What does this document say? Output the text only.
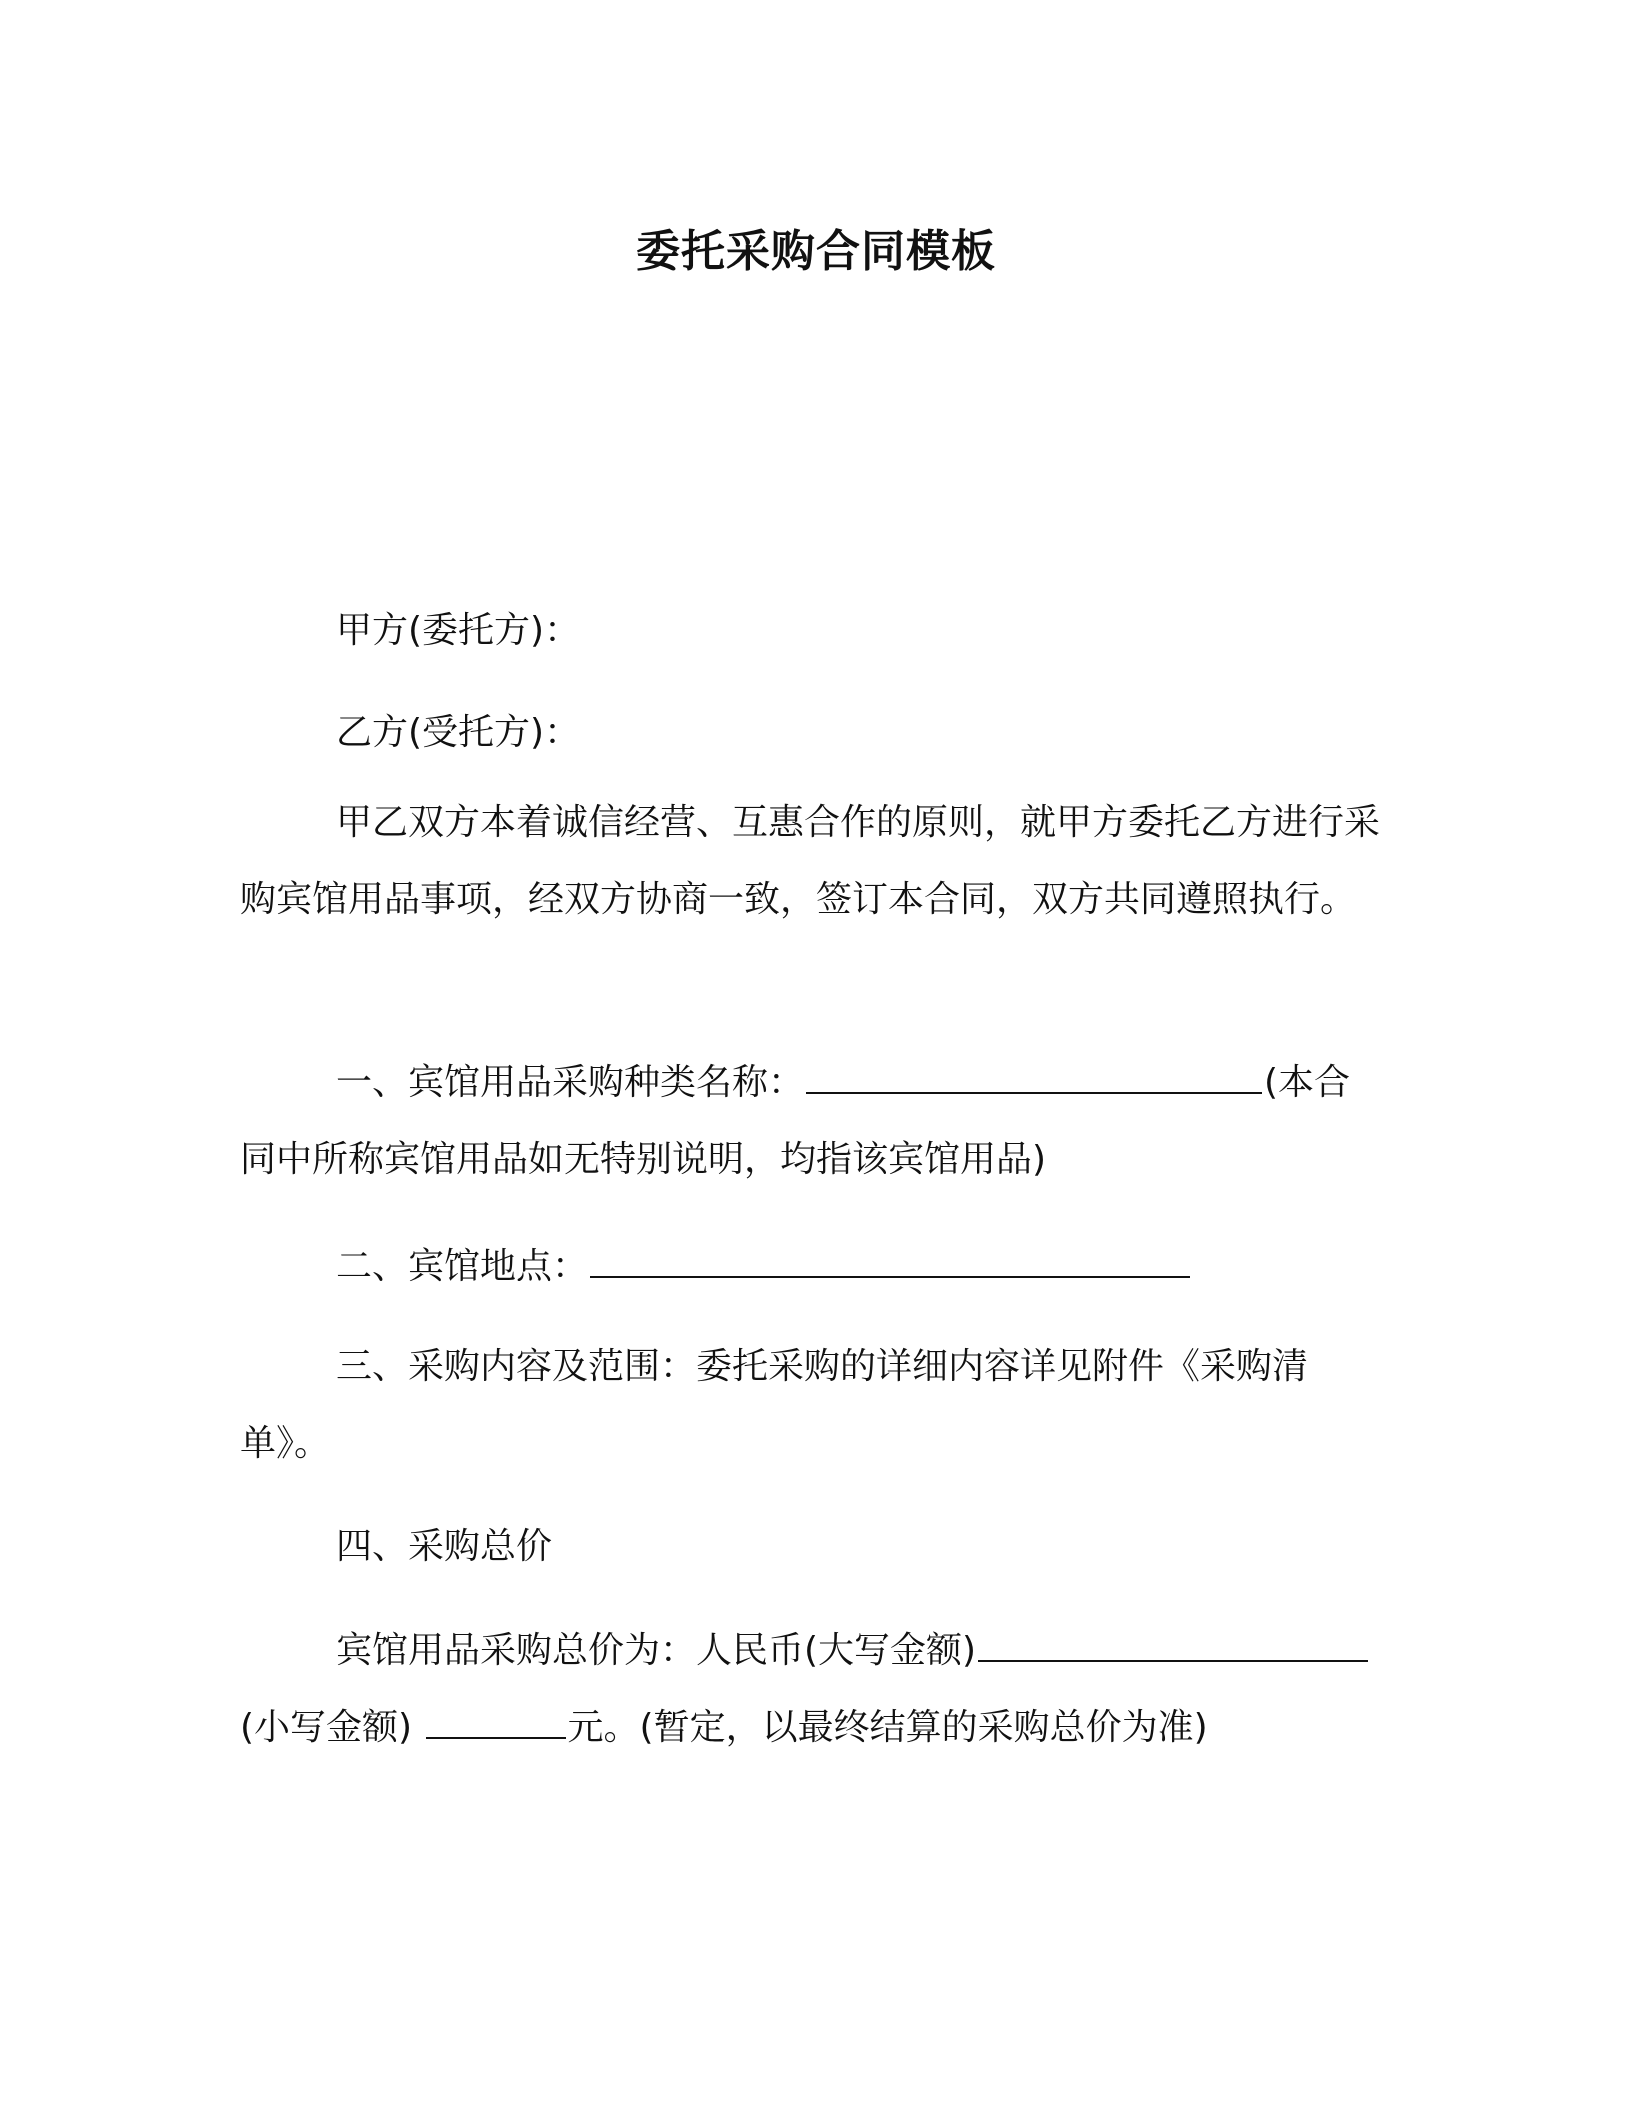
委托采购合同模板

甲方(委托方)：

乙方(受托方)：

甲乙双方本着诚信经营、互惠合作的原则，就甲方委托乙方进行采购宾馆用品事项，经双方协商一致，签订本合同，双方共同遵照执行。

一、宾馆用品采购种类名称：	(本合同中所称宾馆用品如无特别说明，均指该宾馆用品)

二、宾馆地点：

三、采购内容及范围：委托采购的详细内容详见附件《采购清单》。

四、采购总价

宾馆用品采购总价为：人民币(大写金额)(小写金额)	元。(暂定，以最终结算的采购总价为准)
